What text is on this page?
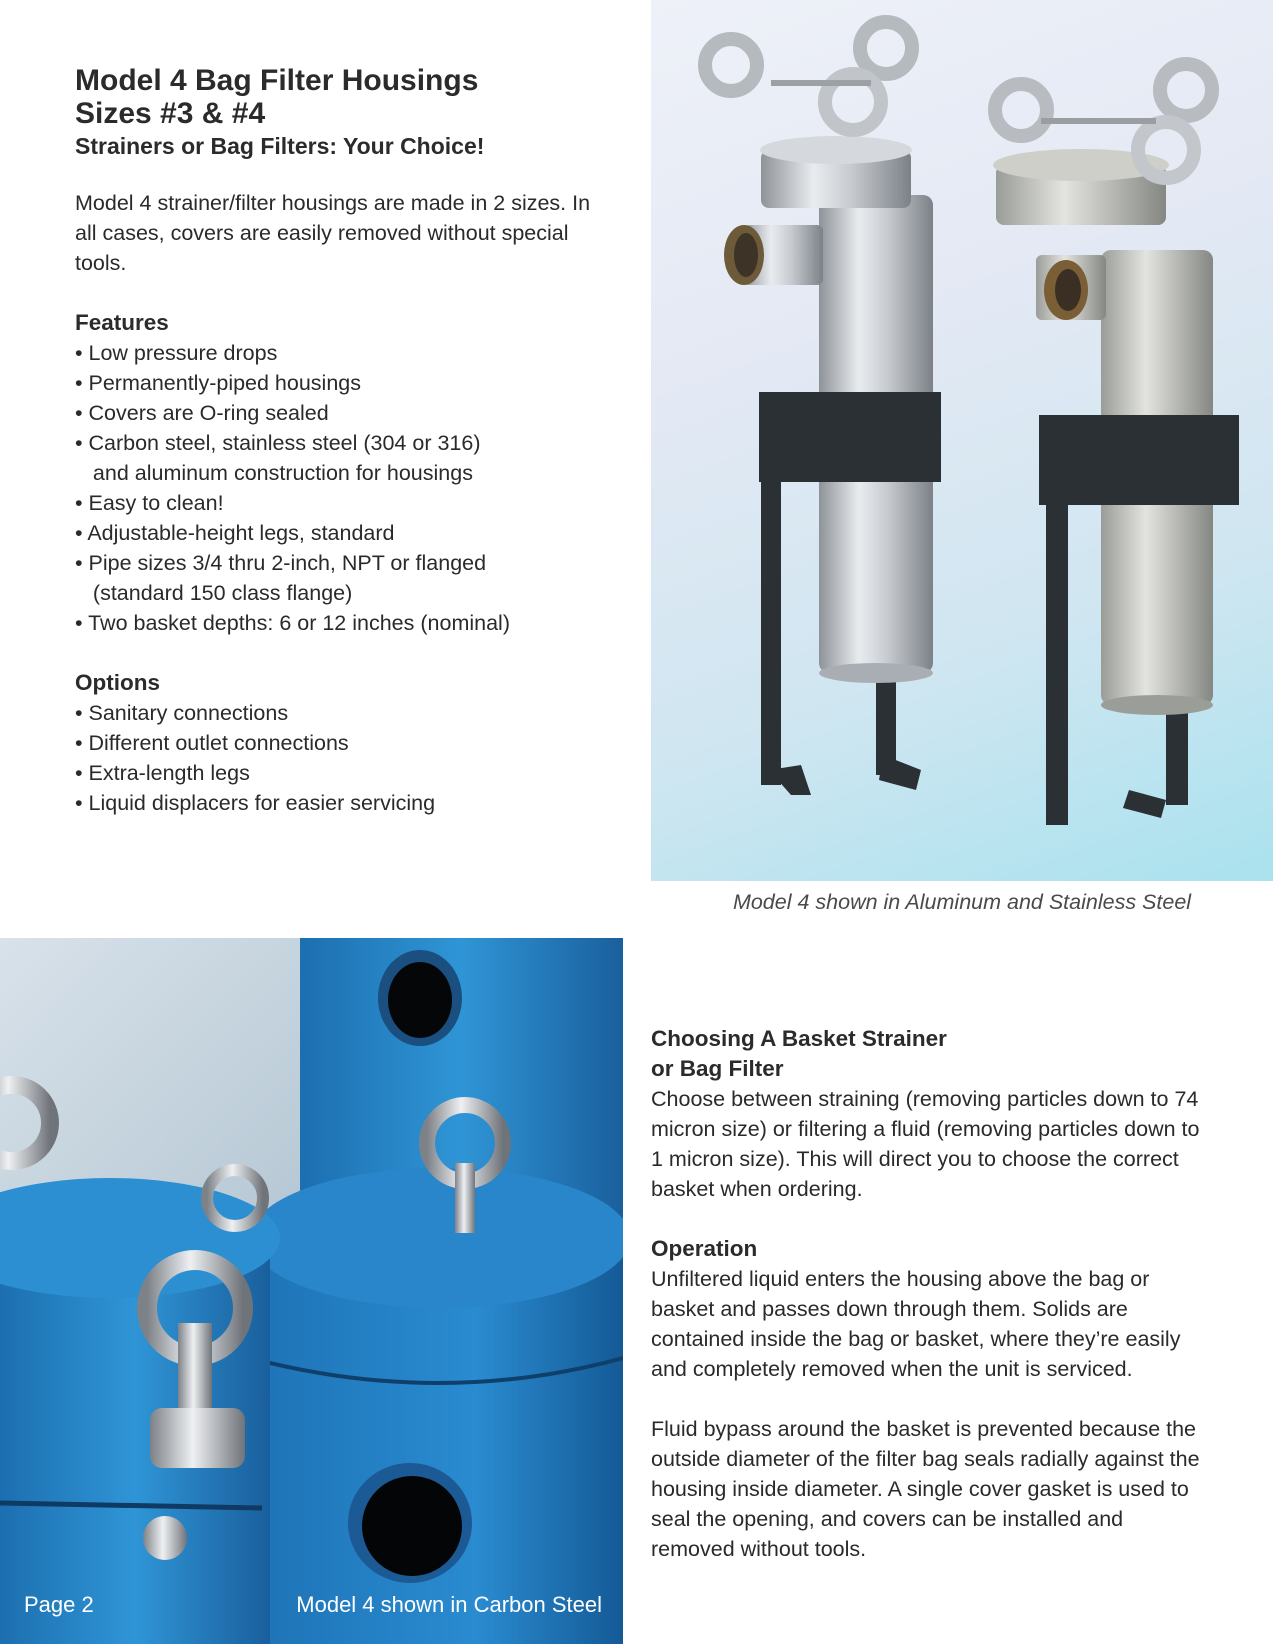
Model 4 Bag Filter Housings
Sizes #3 & #4
Strainers or Bag Filters: Your Choice!

Model 4 strainer/filter housings are made in 2 sizes. In all cases, covers are easily removed without special tools.

Features
• Low pressure drops
• Permanently-piped housings
• Covers are O-ring sealed
• Carbon steel, stainless steel (304 or 316)
and aluminum construction for housings
• Easy to clean!
• Adjustable-height legs, standard
• Pipe sizes 3/4 thru 2-inch, NPT or flanged
(standard 150 class flange)
• Two basket depths: 6 or 12 inches (nominal)
Options
• Sanitary connections
• Different outlet connections
• Extra-length legs
• Liquid displacers for easier servicing
Model 4 shown in Aluminum and Stainless Steel
Page 2	Model 4 shown in Carbon Steel
Choosing A Basket Strainer
or Bag Filter

Choose between straining (removing particles down to 74 micron size) or filtering a fluid (removing particles down to 1 micron size). This will direct you to choose the correct basket when ordering.

Operation

Unfiltered liquid enters the housing above the bag or basket and passes down through them. Solids are contained inside the bag or basket, where they’re easily and completely removed when the unit is serviced.

Fluid bypass around the basket is prevented because the outside diameter of the filter bag seals radially against the housing inside diameter. A single cover gasket is used to seal the opening, and covers can be installed and removed without tools.
